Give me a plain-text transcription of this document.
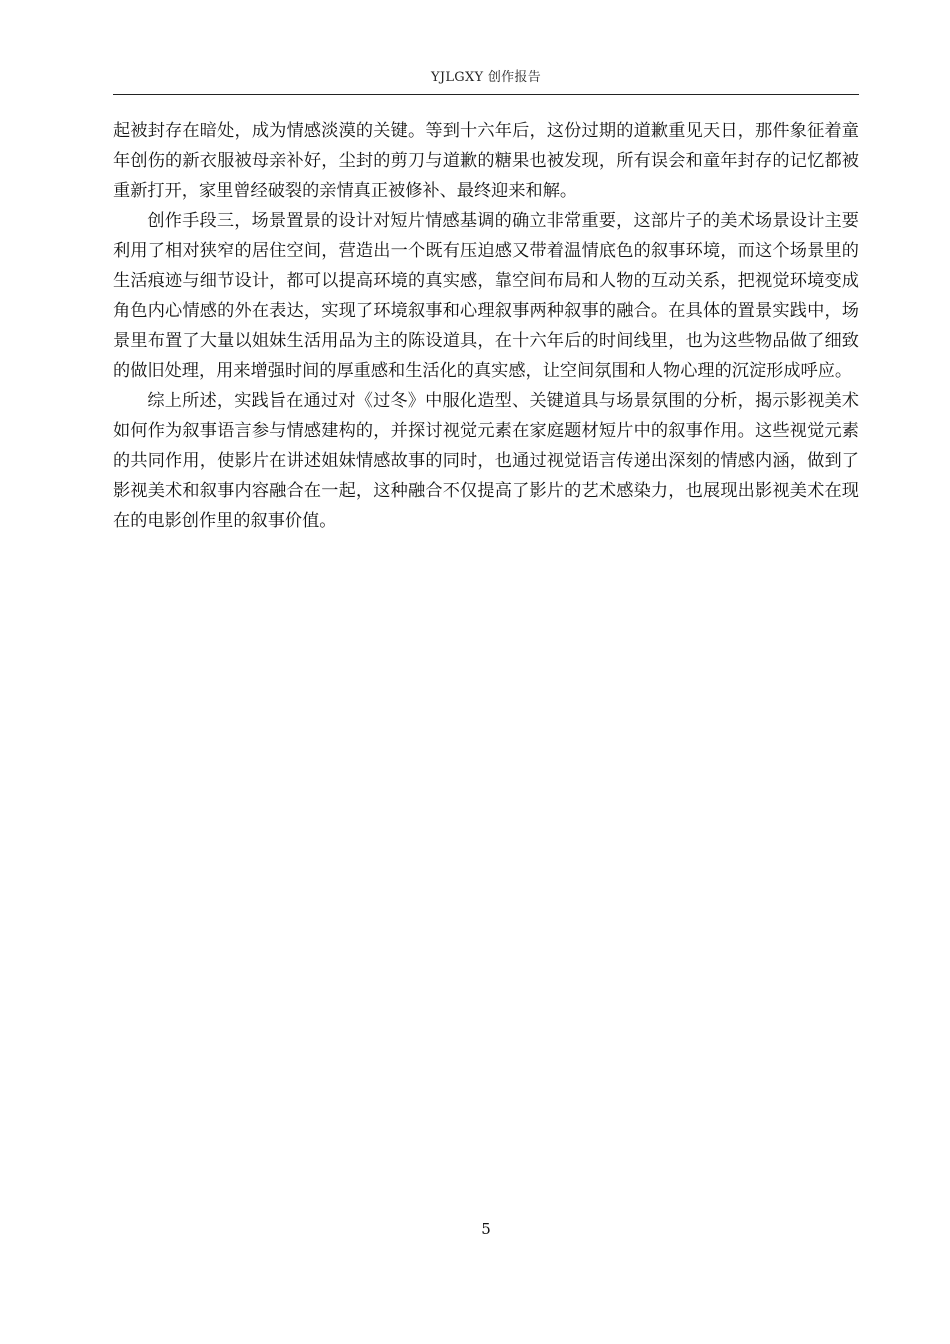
YJLGXY 创作报告

起被封存在暗处，成为情感淡漠的关键。等到十六年后，这份过期的道歉重见天日，那件象征着童年创伤的新衣服被母亲补好，尘封的剪刀与道歉的糖果也被发现，所有误会和童年封存的记忆都被重新打开，家里曾经破裂的亲情真正被修补、最终迎来和解。

创作手段三，场景置景的设计对短片情感基调的确立非常重要，这部片子的美术场景设计主要利用了相对狭窄的居住空间，营造出一个既有压迫感又带着温情底色的叙事环境，而这个场景里的生活痕迹与细节设计，都可以提高环境的真实感，靠空间布局和人物的互动关系，把视觉环境变成角色内心情感的外在表达，实现了环境叙事和心理叙事两种叙事的融合。在具体的置景实践中，场景里布置了大量以姐妹生活用品为主的陈设道具，在十六年后的时间线里，也为这些物品做了细致的做旧处理，用来增强时间的厚重感和生活化的真实感，让空间氛围和人物心理的沉淀形成呼应。

综上所述，实践旨在通过对《过冬》中服化造型、关键道具与场景氛围的分析，揭示影视美术如何作为叙事语言参与情感建构的，并探讨视觉元素在家庭题材短片中的叙事作用。这些视觉元素的共同作用，使影片在讲述姐妹情感故事的同时，也通过视觉语言传递出深刻的情感内涵，做到了影视美术和叙事内容融合在一起，这种融合不仅提高了影片的艺术感染力，也展现出影视美术在现在的电影创作里的叙事价值。

5
